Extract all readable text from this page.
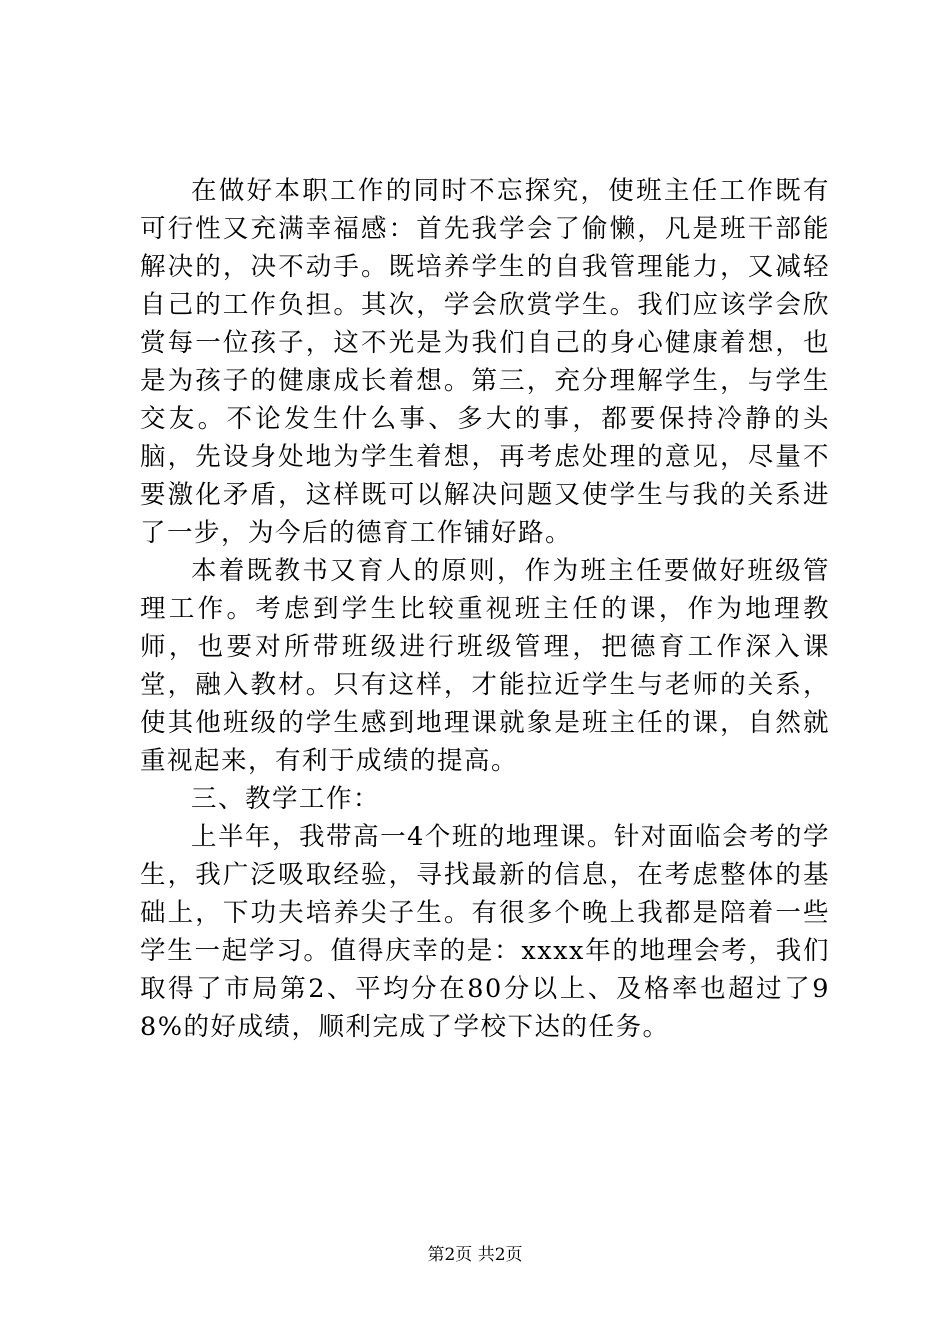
在做好本职工作的同时不忘探究，使班主任工作既有可行性又充满幸福感：首先我学会了偷懒，凡是班干部能解决的，决不动手。既培养学生的自我管理能力，又减轻自己的工作负担。其次，学会欣赏学生。我们应该学会欣赏每一位孩子，这不光是为我们自己的身心健康着想，也是为孩子的健康成长着想。第三，充分理解学生，与学生交友。不论发生什么事、多大的事，都要保持冷静的头脑，先设身处地为学生着想，再考虑处理的意见，尽量不要激化矛盾，这样既可以解决问题又使学生与我的关系进了一步，为今后的德育工作铺好路。

本着既教书又育人的原则，作为班主任要做好班级管理工作。考虑到学生比较重视班主任的课，作为地理教师，也要对所带班级进行班级管理，把德育工作深入课堂，融入教材。只有这样，才能拉近学生与老师的关系，使其他班级的学生感到地理课就象是班主任的课，自然就重视起来，有利于成绩的提高。

三、教学工作：

上半年，我带高一4个班的地理课。针对面临会考的学生，我广泛吸取经验，寻找最新的信息，在考虑整体的基础上，下功夫培养尖子生。有很多个晚上我都是陪着一些学生一起学习。值得庆幸的是：xxxx年的地理会考，我们取得了市局第2、平均分在80分以上、及格率也超过了98%的好成绩，顺利完成了学校下达的任务。

第2页 共2页
